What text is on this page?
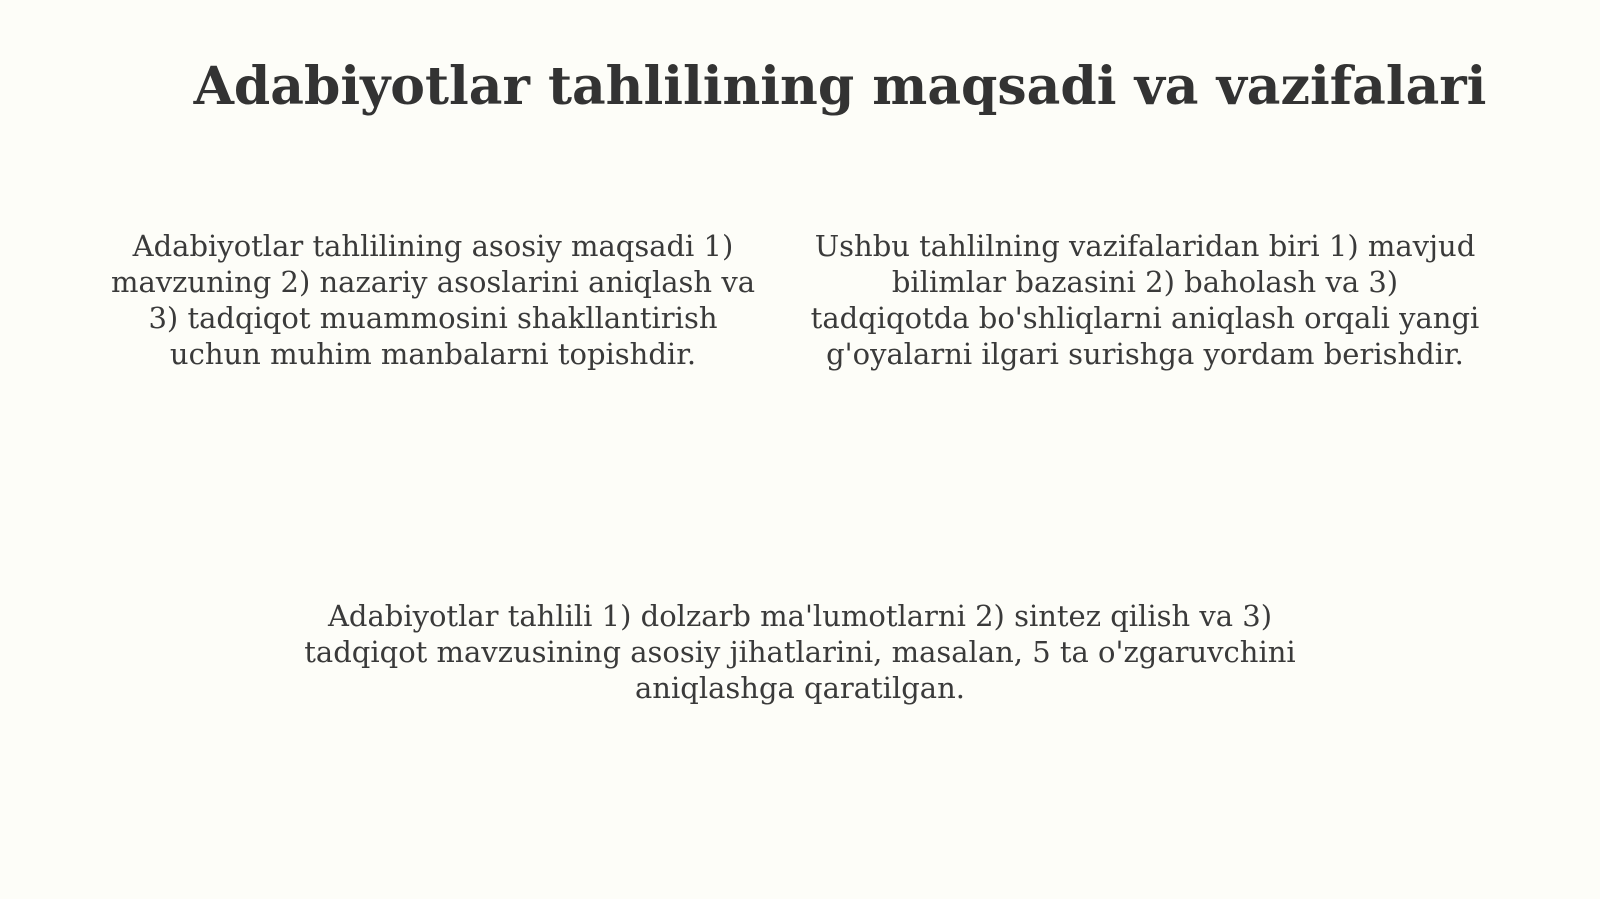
Adabiyotlar tahlilining maqsadi va vazifalari

Adabiyotlar tahlilining asosiy maqsadi 1) mavzuning 2) nazariy asoslarini aniqlash va 3) tadqiqot muammosini shakllantirish uchun muhim manbalarni topishdir.

Ushbu tahlilning vazifalaridan biri 1) mavjud bilimlar bazasini 2) baholash va 3) tadqiqotda bo'shliqlarni aniqlash orqali yangi g'oyalarni ilgari surishga yordam berishdir.

Adabiyotlar tahlili 1) dolzarb ma'lumotlarni 2) sintez qilish va 3) tadqiqot mavzusining asosiy jihatlarini, masalan, 5 ta o'zgaruvchini aniqlashga qaratilgan.
